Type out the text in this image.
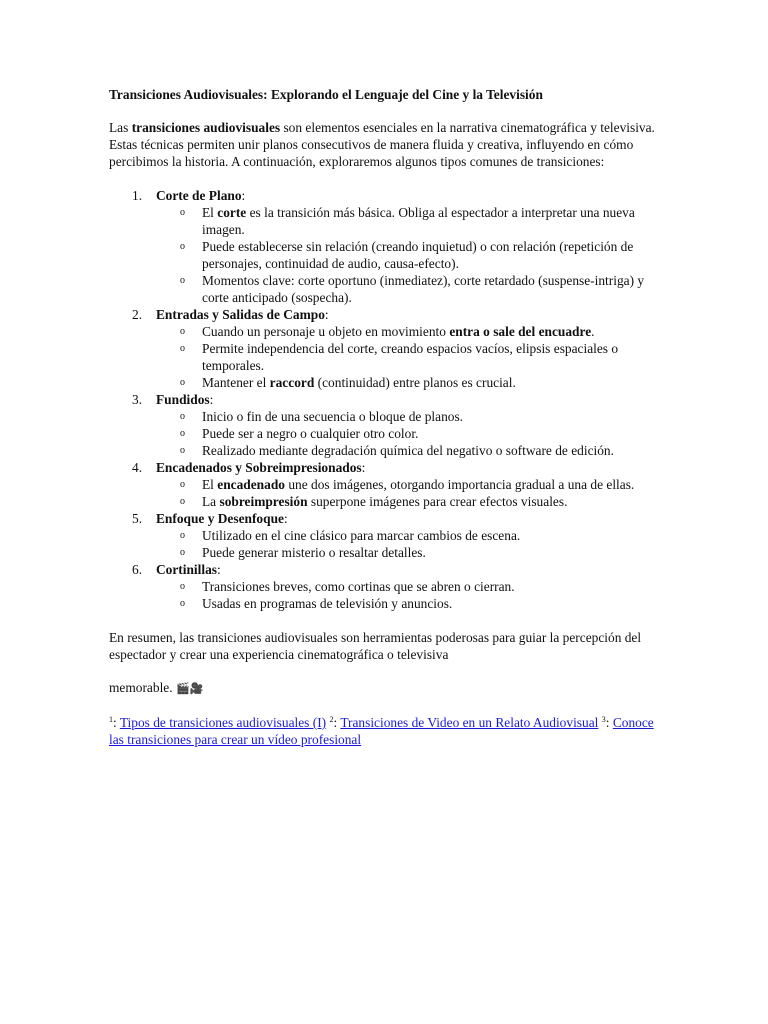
Transiciones Audiovisuales: Explorando el Lenguaje del Cine y la Televisión

Las transiciones audiovisuales son elementos esenciales en la narrativa cinematográfica y televisiva. Estas técnicas permiten unir planos consecutivos de manera fluida y creativa, influyendo en cómo percibimos la historia. A continuación, exploraremos algunos tipos comunes de transiciones:

1. Corte de Plano:
o El corte es la transición más básica. Obliga al espectador a interpretar una nueva imagen.
o Puede establecerse sin relación (creando inquietud) o con relación (repetición de personajes, continuidad de audio, causa-efecto).
o Momentos clave: corte oportuno (inmediatez), corte retardado (suspense-intriga) y corte anticipado (sospecha).
2. Entradas y Salidas de Campo:
o Cuando un personaje u objeto en movimiento entra o sale del encuadre.
o Permite independencia del corte, creando espacios vacíos, elipsis espaciales o temporales.
o Mantener el raccord (continuidad) entre planos es crucial.
3. Fundidos:
o Inicio o fin de una secuencia o bloque de planos.
o Puede ser a negro o cualquier otro color.
o Realizado mediante degradación química del negativo o software de edición.
4. Encadenados y Sobreimpresionados:
o El encadenado une dos imágenes, otorgando importancia gradual a una de ellas.
o La sobreimpresión superpone imágenes para crear efectos visuales.
5. Enfoque y Desenfoque:
o Utilizado en el cine clásico para marcar cambios de escena.
o Puede generar misterio o resaltar detalles.
6. Cortinillas:
o Transiciones breves, como cortinas que se abren o cierran.
o Usadas en programas de televisión y anuncios.

En resumen, las transiciones audiovisuales son herramientas poderosas para guiar la percepción del espectador y crear una experiencia cinematográfica o televisiva

memorable. 🎬🎥

$^1$: Tipos de transiciones audiovisuales (I) $^2$: Transiciones de Video en un Relato Audiovisual $^3$: Conoce las transiciones para crear un vídeo profesional
